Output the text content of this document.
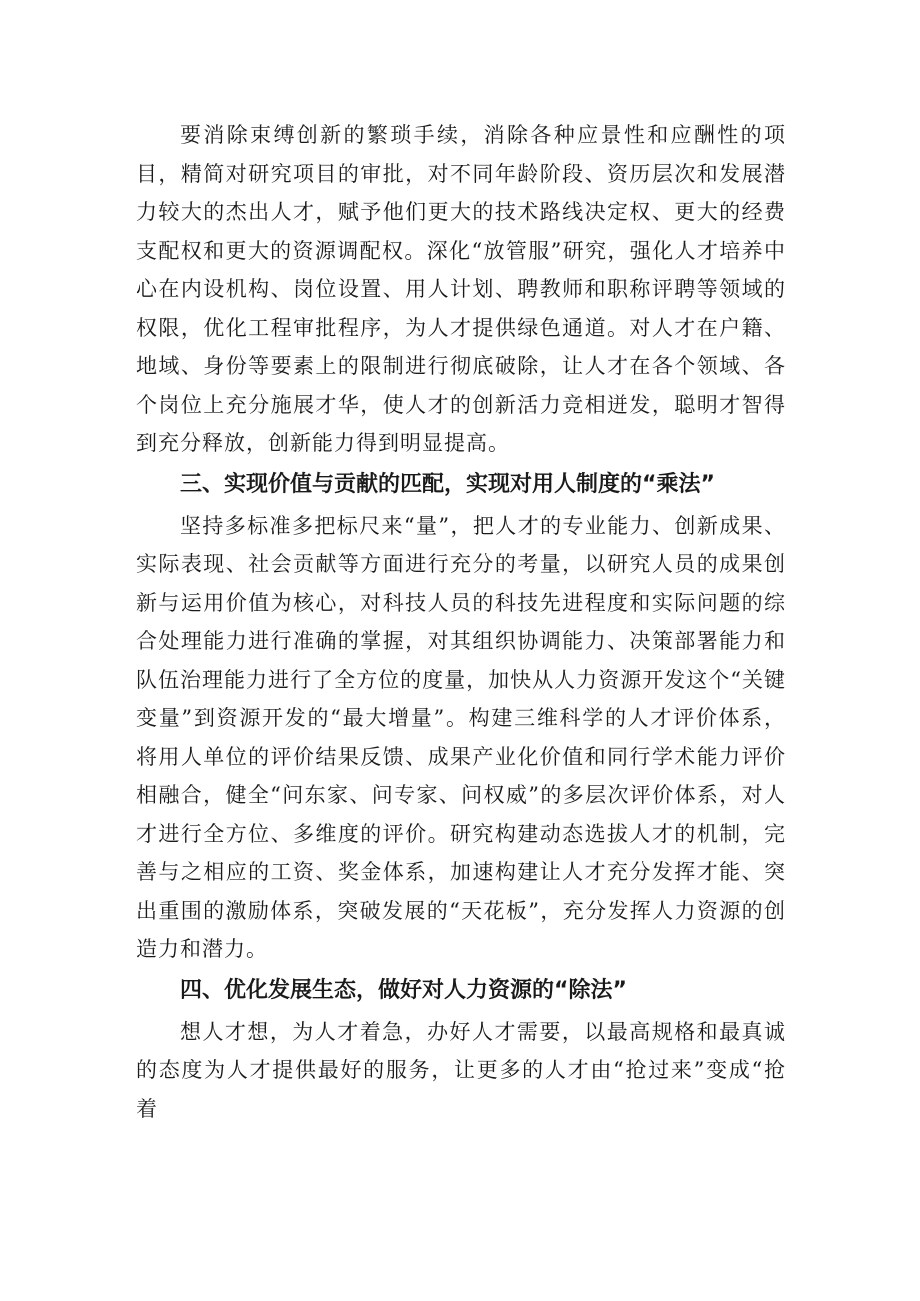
要消除束缚创新的繁琐手续，消除各种应景性和应酬性的项目，精简对研究项目的审批，对不同年龄阶段、资历层次和发展潜力较大的杰出人才，赋予他们更大的技术路线决定权、更大的经费支配权和更大的资源调配权。深化“放管服”研究，强化人才培养中心在内设机构、岗位设置、用人计划、聘教师和职称评聘等领域的权限，优化工程审批程序，为人才提供绿色通道。对人才在户籍、地域、身份等要素上的限制进行彻底破除，让人才在各个领域、各个岗位上充分施展才华，使人才的创新活力竞相迸发，聪明才智得到充分释放，创新能力得到明显提高。

三、实现价值与贡献的匹配，实现对用人制度的“乘法”

坚持多标准多把标尺来“量”，把人才的专业能力、创新成果、实际表现、社会贡献等方面进行充分的考量，以研究人员的成果创新与运用价值为核心，对科技人员的科技先进程度和实际问题的综合处理能力进行准确的掌握，对其组织协调能力、决策部署能力和队伍治理能力进行了全方位的度量，加快从人力资源开发这个“关键变量”到资源开发的“最大增量”。构建三维科学的人才评价体系，将用人单位的评价结果反馈、成果产业化价值和同行学术能力评价相融合，健全“问东家、问专家、问权威”的多层次评价体系，对人才进行全方位、多维度的评价。研究构建动态选拔人才的机制，完善与之相应的工资、奖金体系，加速构建让人才充分发挥才能、突出重围的激励体系，突破发展的“天花板”，充分发挥人力资源的创造力和潜力。

四、优化发展生态，做好对人力资源的“除法”

想人才想，为人才着急，办好人才需要，以最高规格和最真诚的态度为人才提供最好的服务，让更多的人才由“抢过来”变成“抢着
